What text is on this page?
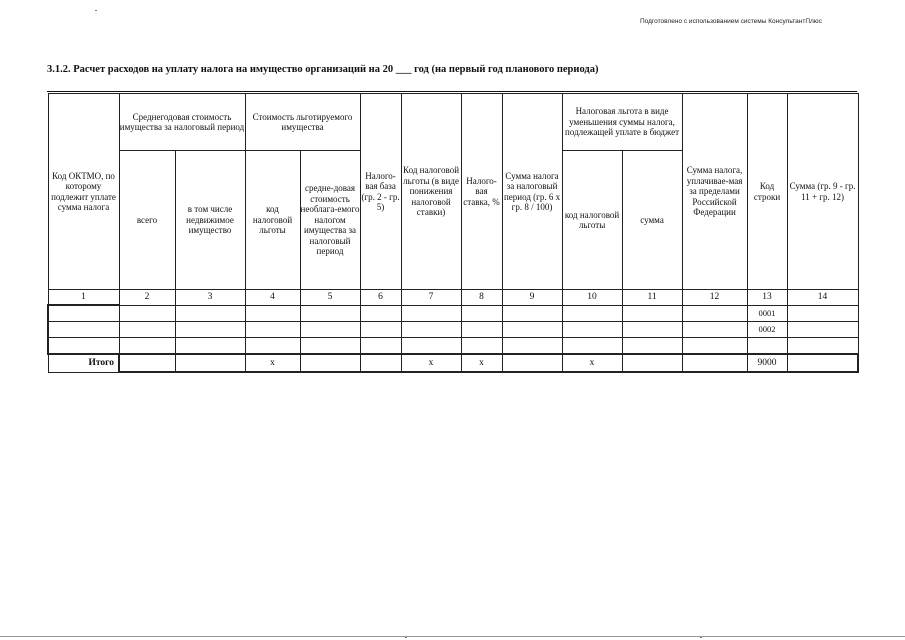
Подготовлено с использованием системы КонсультантПлюс
3.1.2. Расчет расходов на уплату налога на имущество организаций на 20 ___ год (на первый год планового периода)
Код ОКТМО, по которому подлежит уплате сумма налога	Среднегодовая стоимость имущества за налоговый период		Стоимость льготируемого имущества		Налого-вая база (гр. 2 - гр. 5)	Код налоговой льготы (в виде понижения налоговой ставки)	Налого-вая ставка, %	Сумма налога за налоговый период (гр. 6 x гр. 8 / 100)	Налоговая льгота в виде уменьшения суммы налога, подлежащей уплате в бюджет		Сумма налога, уплачивае-мая за пределами Российской Федерации	Код строки	Сумма (гр. 9 - гр. 11 + гр. 12)
	всего	в том числе недвижимое имущество	код налоговой льготы	средне-довая стоимость необлага-емого налогом имущества за налоговый период					код налоговой льготы	сумма			
1	2	3	4	5	6	7	8	9	10	11	12	13	14
												0001	
												0002	

Итого			х			х	х		х			9000	
